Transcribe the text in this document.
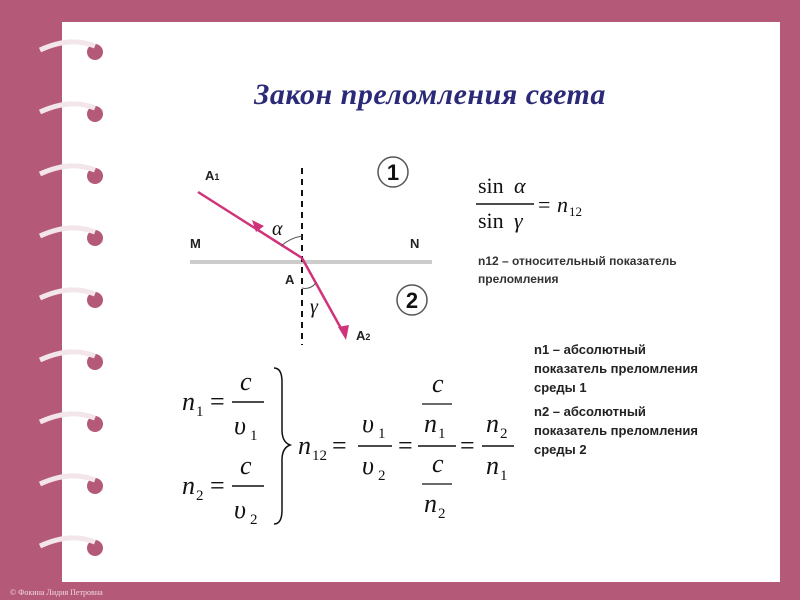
Закон преломления света
1
2
A1
M	N
A
A2
α
γ
sin α
sin γ
= n 12
n12 – относительный показатель преломления
n1 – абсолютный показатель преломления среды 1
n2 – абсолютный показатель преломления среды 2
n 1 =
c
υ 1
n 2 =
c
υ 2
n 12 =
υ 1
υ 2
=
c
n 1
c
n 2
=
n 2
n 1
© Фокина Лидия Петровна
